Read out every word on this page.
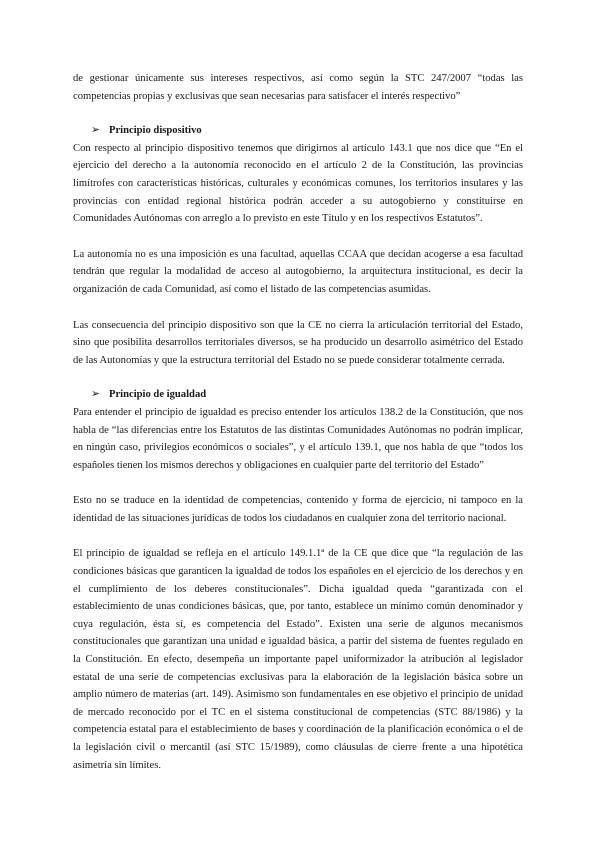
de gestionar únicamente sus intereses respectivos, así como según la STC 247/2007 “todas las competencias propias y exclusivas que sean necesarias para satisfacer el interés respectivo”

➢ Principio dispositivo

Con respecto al principio dispositivo tenemos que dirigirnos al artículo 143.1 que nos dice que “En el ejercicio del derecho a la autonomía reconocido en el artículo 2 de la Constitución, las provincias limítrofes con características históricas, culturales y económicas comunes, los territorios insulares y las provincias con entidad regional histórica podrán acceder a su autogobierno y constituirse en Comunidades Autónomas con arreglo a lo previsto en este Título y en los respectivos Estatutos”.

La autonomía no es una imposición es una facultad, aquellas CCAA que decidan acogerse a esa facultad tendrán que regular la modalidad de acceso al autogobierno, la arquitectura institucional, es decir la organización de cada Comunidad, así como el listado de las competencias asumidas.

Las consecuencia del principio dispositivo son que la CE no cierra la articulación territorial del Estado, sino que posibilita desarrollos territoriales diversos, se ha producido un desarrollo asimétrico del Estado de las Autonomías y que la estructura territorial del Estado no se puede considerar totalmente cerrada.

➢ Principio de igualdad

Para entender el principio de igualdad es preciso entender los artículos 138.2 de la Constitución, que nos habla de “las diferencias entre los Estatutos de las distintas Comunidades Autónomas no podrán implicar, en ningún caso, privilegios económicos o sociales”, y el artículo 139.1, que nos habla de que “todos los españoles tienen los mismos derechos y obligaciones en cualquier parte del territorio del Estado”

Esto no se traduce en la identidad de competencias, contenido y forma de ejercicio, ni tampoco en la identidad de las situaciones jurídicas de todos los ciudadanos en cualquier zona del territorio nacional.

El principio de igualdad se refleja en el artículo 149.1.1ª de la CE que dice que “la regulación de las condiciones básicas que garanticen la igualdad de todos los españoles en el ejercicio de los derechos y en el cumplimiento de los deberes constitucionales”. Dicha igualdad queda “garantizada con el establecimiento de unas condiciones básicas, que, por tanto, establece un mínimo común denominador y cuya regulación, ésta sí, es competencia del Estado”. Existen una serie de algunos mecanismos constitucionales que garantizan una unidad e igualdad básica, a partir del sistema de fuentes regulado en la Constitución. En efecto, desempeña un importante papel uniformizador la atribución al legislador estatal de una serie de competencias exclusivas para la elaboración de la legislación básica sobre un amplio número de materias (art. 149). Asimismo son fundamentales en ese objetivo el principio de unidad de mercado reconocido por el TC en el sistema constitucional de competencias (STC 88/1986) y la competencia estatal para el establecimiento de bases y coordinación de la planificación económica o el de la legislación civil o mercantil (así STC 15/1989), como cláusulas de cierre frente a una hipotética asimetría sin límites.
